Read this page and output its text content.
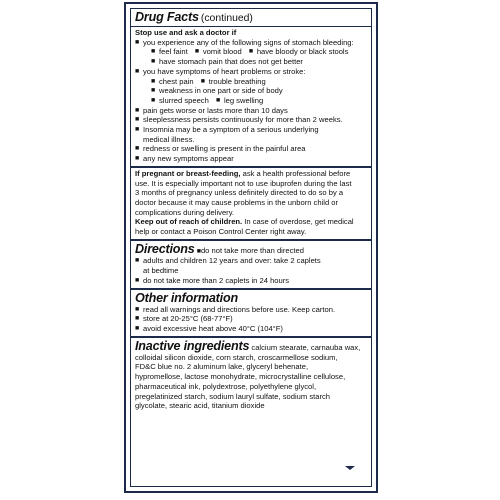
Drug Facts (continued)
Stop use and ask a doctor if
■ you experience any of the following signs of stomach bleeding:
■ feel faint ■ vomit blood ■ have bloody or black stools
■ have stomach pain that does not get better
■ you have symptoms of heart problems or stroke:
■ chest pain ■ trouble breathing
■ weakness in one part or side of body
■ slurred speech ■ leg swelling
■ pain gets worse or lasts more than 10 days
■ sleeplessness persists continuously for more than 2 weeks.
■ Insomnia may be a symptom of a serious underlying
medical illness.
■ redness or swelling is present in the painful area
■ any new symptoms appear
If pregnant or breast-feeding, ask a health professional before
use. It is especially important not to use ibuprofen during the last
3 months of pregnancy unless definitely directed to do so by a
doctor because it may cause problems in the unborn child or
complications during delivery.
Keep out of reach of children. In case of overdose, get medical
help or contact a Poison Control Center right away.
Directions ■ do not take more than directed
■ adults and children 12 years and over: take 2 caplets
at bedtime
■ do not take more than 2 caplets in 24 hours
Other information
■ read all warnings and directions before use. Keep carton.
■ store at 20-25°C (68-77°F)
■ avoid excessive heat above 40°C (104°F)
Inactive ingredients calcium stearate, carnauba wax,
colloidal silicon dioxide, corn starch, croscarmellose sodium,
FD&C blue no. 2 aluminum lake, glyceryl behenate,
hypromellose, lactose monohydrate, microcrystalline cellulose,
pharmaceutical ink, polydextrose, polyethylene glycol,
pregelatinized starch, sodium lauryl sulfate, sodium starch
glycolate, stearic acid, titanium dioxide
